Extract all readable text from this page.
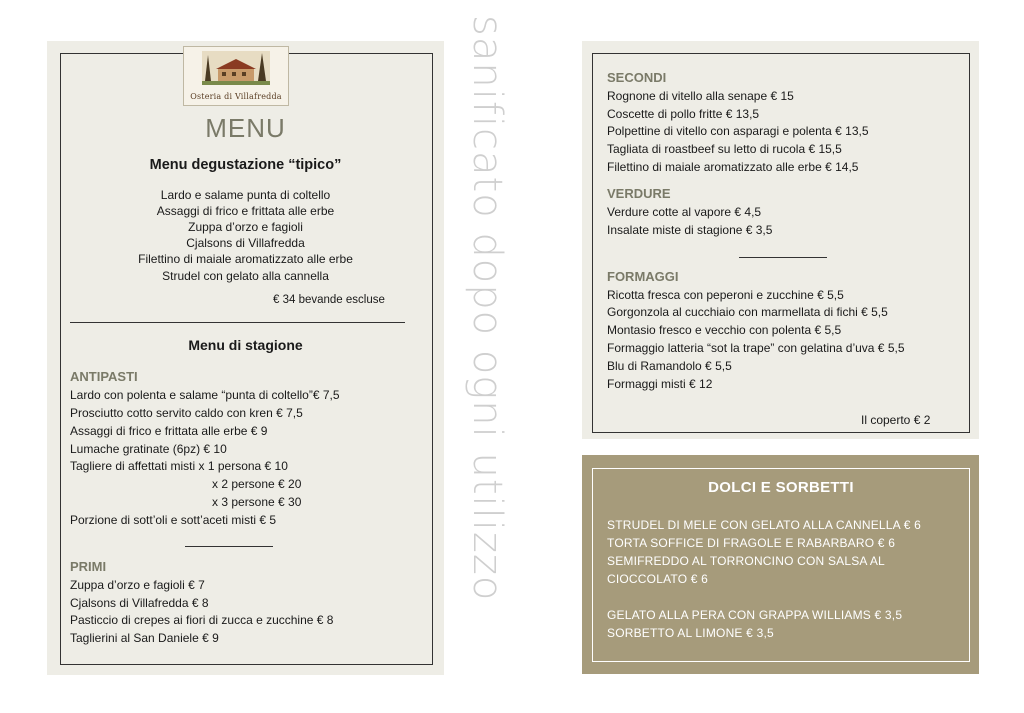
Osteria di Villafredda	sanificato dopo ogni utilizzo
MENU
Menu degustazione “tipico”
Lardo e salame punta di coltello
Assaggi di frico e frittata alle erbe
Zuppa d’orzo e fagioli
Cjalsons di Villafredda
Filettino di maiale aromatizzato alle erbe
Strudel con gelato alla cannella
€ 34 bevande escluse
Menu di stagione
ANTIPASTI
Lardo con polenta e salame “punta di coltello”€ 7,5
Prosciutto cotto servito caldo con kren € 7,5
Assaggi di frico e frittata alle erbe € 9
Lumache gratinate (6pz) € 10
Tagliere di affettati misti x 1 persona € 10
x 2 persone € 20
x 3 persone € 30
Porzione di sott’oli e sott’aceti misti € 5
PRIMI
Zuppa d’orzo e fagioli € 7
Cjalsons di Villafredda € 8
Pasticcio di crepes ai fiori di zucca e zucchine € 8
Taglierini al San Daniele € 9
SECONDI
Rognone di vitello alla senape € 15
Coscette di pollo fritte € 13,5
Polpettine di vitello con asparagi e polenta € 13,5
Tagliata di roastbeef su letto di rucola € 15,5
Filettino di maiale aromatizzato alle erbe € 14,5
VERDURE
Verdure cotte al vapore € 4,5
Insalate miste di stagione € 3,5
FORMAGGI
Ricotta fresca con peperoni e zucchine € 5,5
Gorgonzola al cucchiaio con marmellata di fichi € 5,5
Montasio fresco e vecchio con polenta € 5,5
Formaggio latteria “sot la trape” con gelatina d’uva € 5,5
Blu di Ramandolo € 5,5
Formaggi misti € 12
Il coperto € 2
DOLCI E SORBETTI
STRUDEL DI MELE CON GELATO ALLA CANNELLA € 6
TORTA SOFFICE DI FRAGOLE E RABARBARO € 6
SEMIFREDDO AL TORRONCINO CON SALSA AL
CIOCCOLATO € 6
GELATO ALLA PERA CON GRAPPA WILLIAMS € 3,5
SORBETTO AL LIMONE € 3,5
